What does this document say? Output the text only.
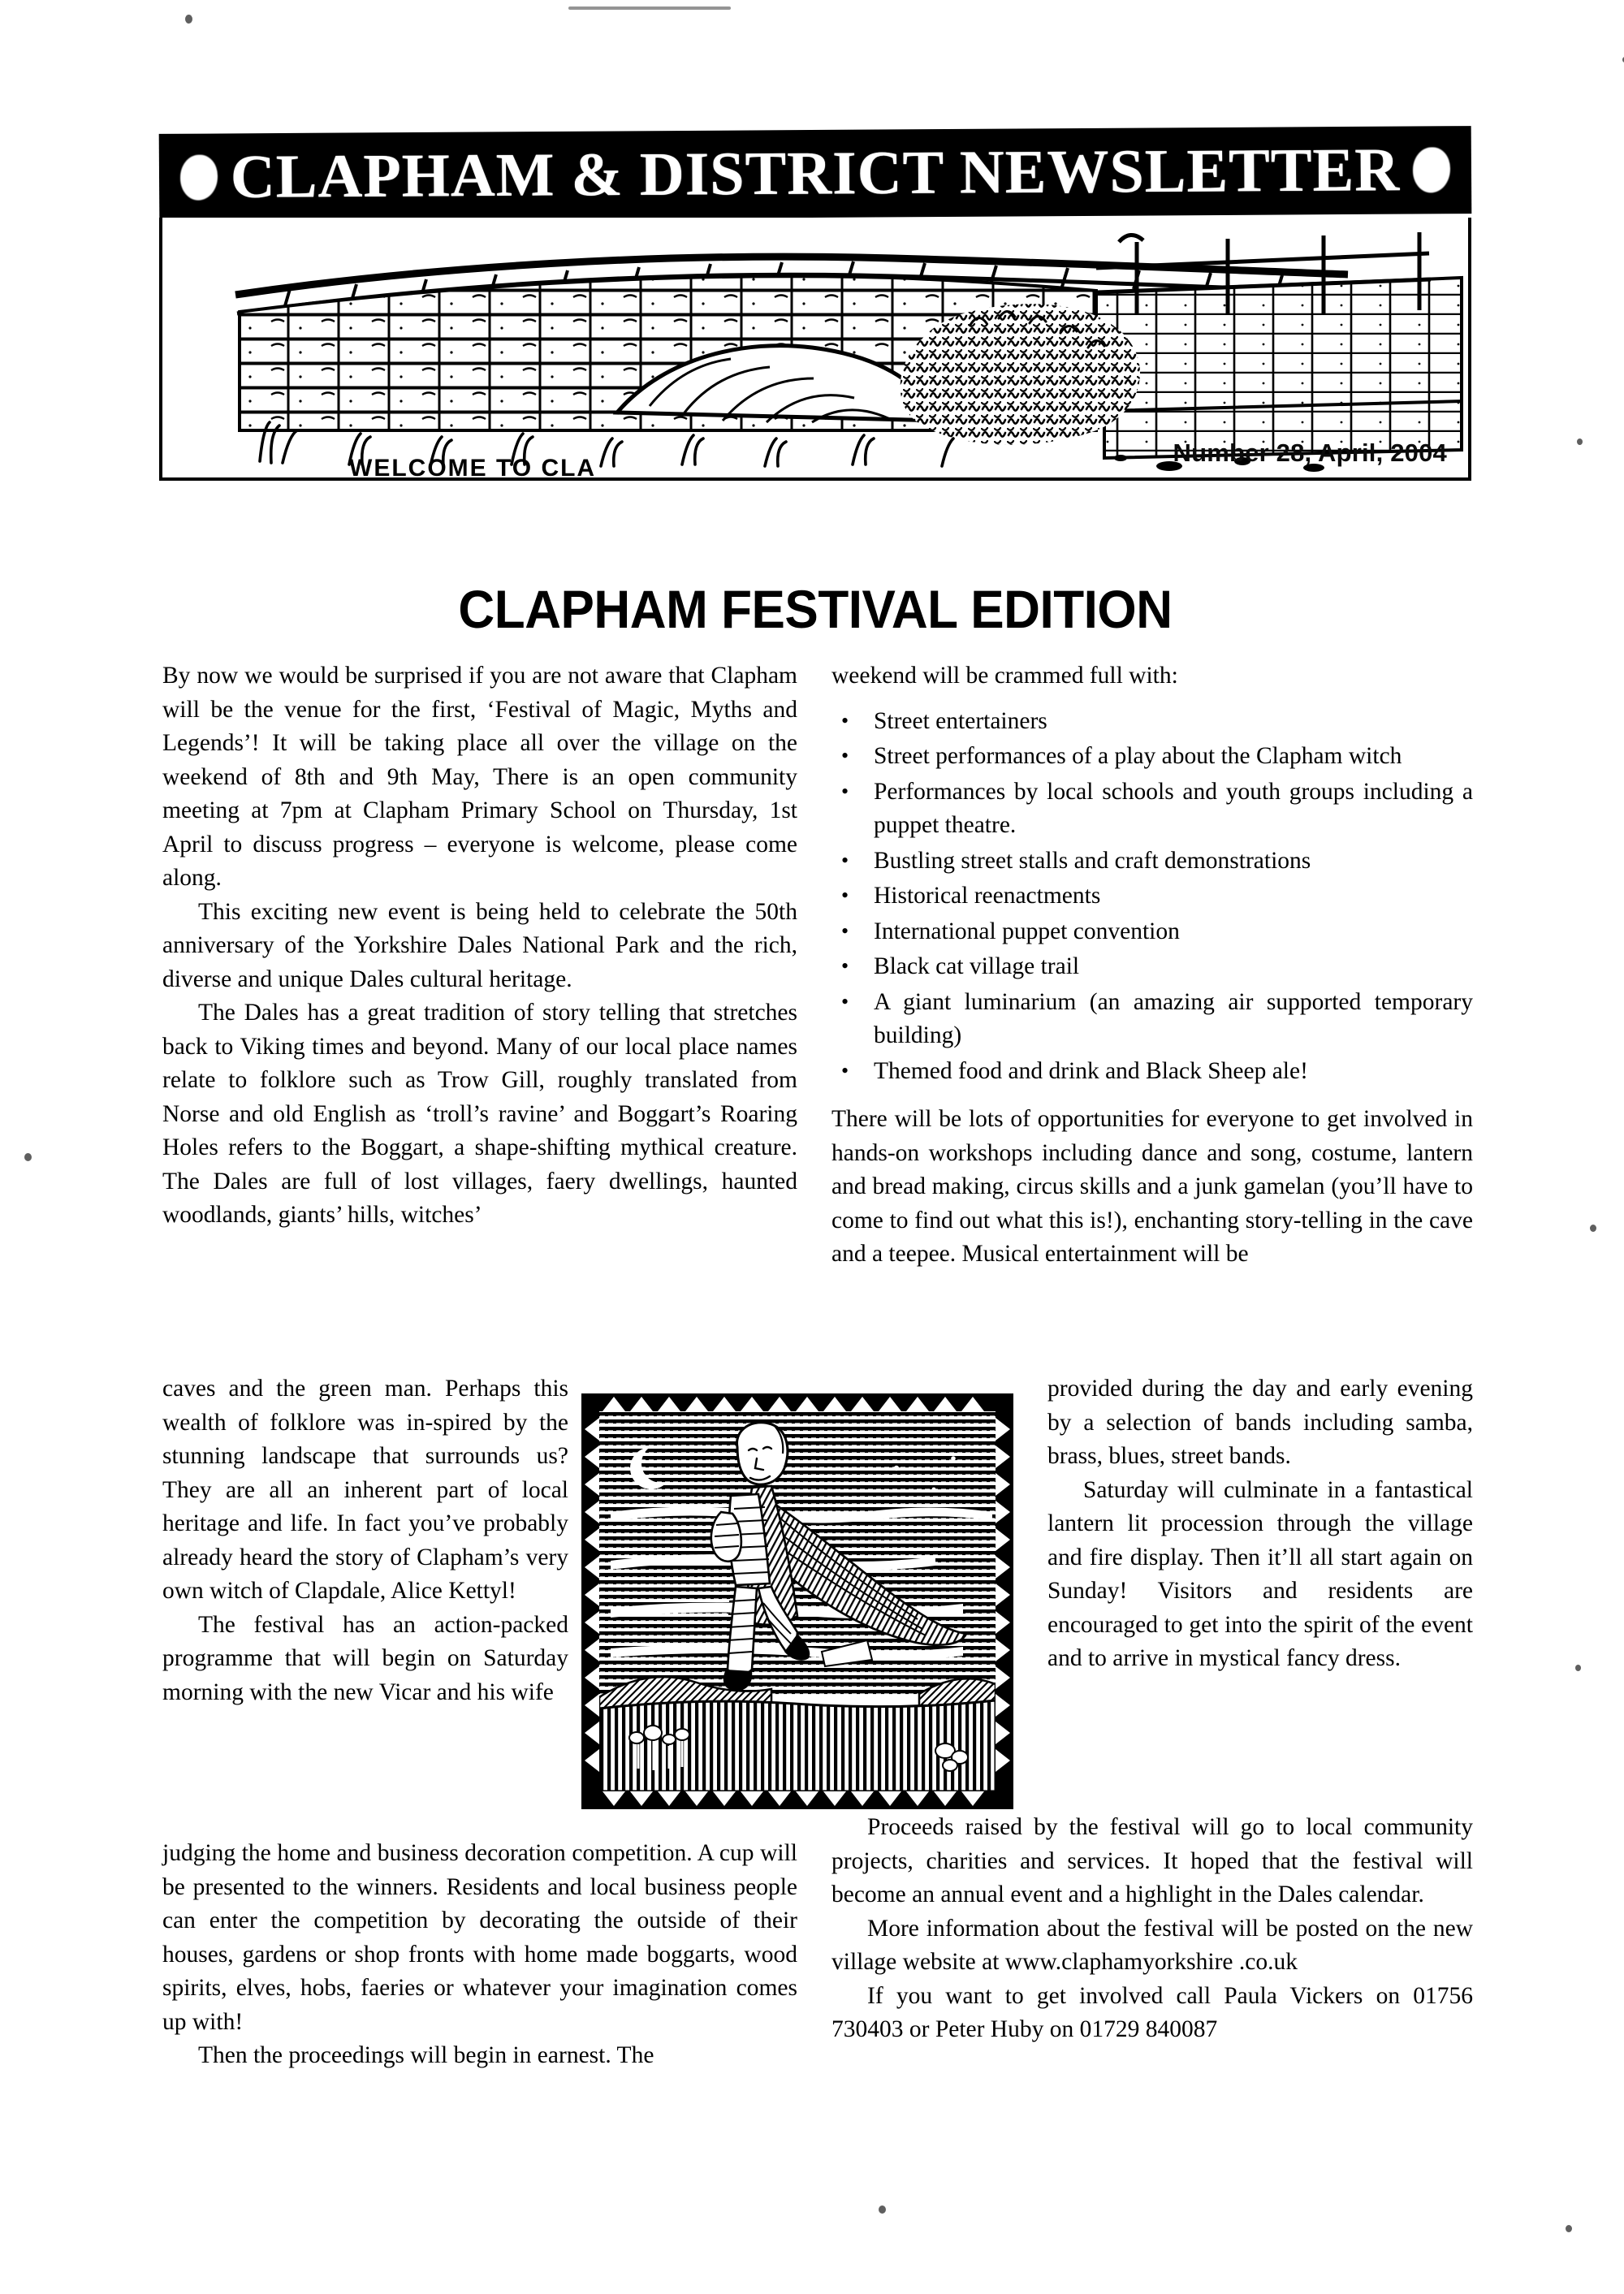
CLAPHAM & DISTRICT NEWSLETTER
WELCOME TO CLA
Number 28, April, 2004
CLAPHAM FESTIVAL EDITION

By now we would be surprised if you are not aware that Clapham will be the venue for the first, ‘Festival of Magic, Myths and Legends’! It will be taking place all over the village on the weekend of 8th and 9th May, There is an open community meeting at 7pm at Clapham Primary School on Thursday, 1st April to discuss progress – everyone is welcome, please come along.

This exciting new event is being held to celebrate the 50th anniversary of the Yorkshire Dales National Park and the rich, diverse and unique Dales cultural heritage.

The Dales has a great tradition of story telling that stretches back to Viking times and beyond. Many of our local place names relate to folklore such as Trow Gill, roughly translated from Norse and old English as ‘troll’s ravine’ and Boggart’s Roaring Holes refers to the Boggart, a shape-shifting mythical creature. The Dales are full of lost villages, faery dwellings, haunted woodlands, giants’ hills, witches’

caves and the green man. Perhaps this wealth of folklore was in-spired by the stunning landscape that surrounds us? They are all an inherent part of local heritage and life. In fact you’ve probably already heard the story of Clapham’s very own witch of Clapdale, Alice Kettyl!

The festival has an action-packed programme that will begin on Saturday morning with the new Vicar and his wife

judging the home and business decoration competition. A cup will be presented to the winners. Residents and local business people can enter the competition by decorating the outside of their houses, gardens or shop fronts with home made boggarts, wood spirits, elves, hobs, faeries or whatever your imagination comes up with!

Then the proceedings will begin in earnest. The

weekend will be crammed full with:

• Street entertainers
• Street performances of a play about the Clapham witch
• Performances by local schools and youth groups including a puppet theatre.
• Bustling street stalls and craft demonstrations
• Historical reenactments
• International puppet convention
• Black cat village trail
• A giant luminarium (an amazing air supported temporary building)
• Themed food and drink and Black Sheep ale!

There will be lots of opportunities for everyone to get involved in hands-on workshops including dance and song, costume, lantern and bread making, circus skills and a junk gamelan (you’ll have to come to find out what this is!), enchanting story-telling in the cave and a teepee. Musical entertainment will be

provided during the day and early evening by a selection of bands including samba, brass, blues, street bands.

Saturday will culminate in a fantastical lantern lit procession through the village and fire display. Then it’ll all start again on Sunday! Visitors and residents are encouraged to get into the spirit of the event and to arrive in mystical fancy dress.

Proceeds raised by the festival will go to local community projects, charities and services. It hoped that the festival will become an annual event and a highlight in the Dales calendar.

More information about the festival will be posted on the new village website at www.claphamyorkshire .co.uk

If you want to get involved call Paula Vickers on 01756 730403 or Peter Huby on 01729 840087
